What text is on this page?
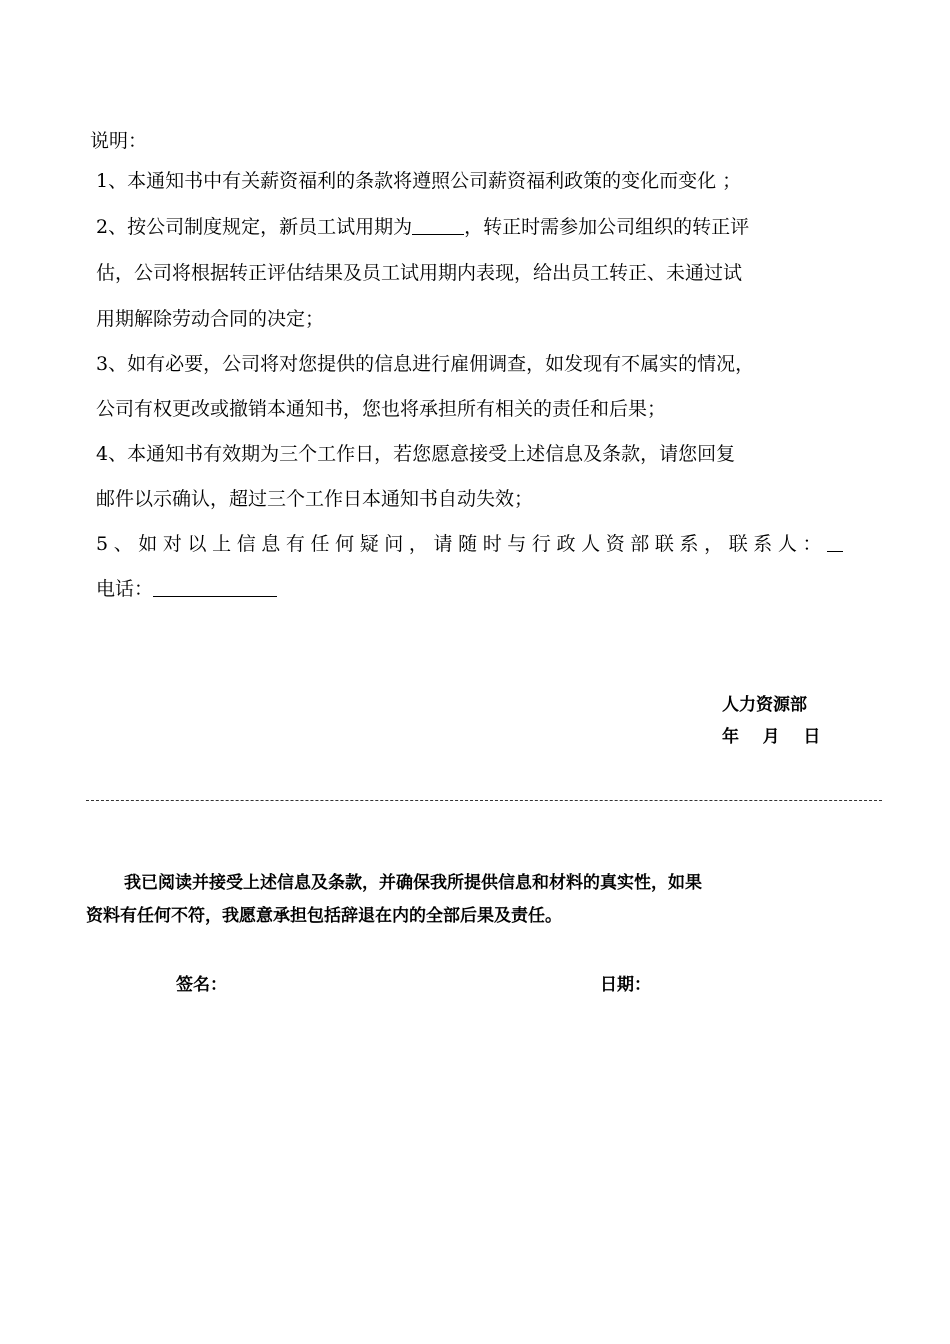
说明：
1、本通知书中有关薪资福利的条款将遵照公司薪资福利政策的变化而变化 ；
2、按公司制度规定，新员工试用期为	，转正时需参加公司组织的转正评
估，公司将根据转正评估结果及员工试用期内表现，给出员工转正、未通过试
用期解除劳动合同的决定；
3、如有必要，公司将对您提供的信息进行雇佣调查，如发现有不属实的情况，
公司有权更改或撤销本通知书，您也将承担所有相关的责任和后果；
4、本通知书有效期为三个工作日，若您愿意接受上述信息及条款，请您回复
邮件以示确认，超过三个工作日本通知书自动失效；
5、如对以上信息有任何疑问，请随时与行政人资部联系，联系人：
电话：
人力资源部
年    月    日
我已阅读并接受上述信息及条款，并确保我所提供信息和材料的真实性，如果
资料有任何不符，我愿意承担包括辞退在内的全部后果及责任。
签名：	日期：
